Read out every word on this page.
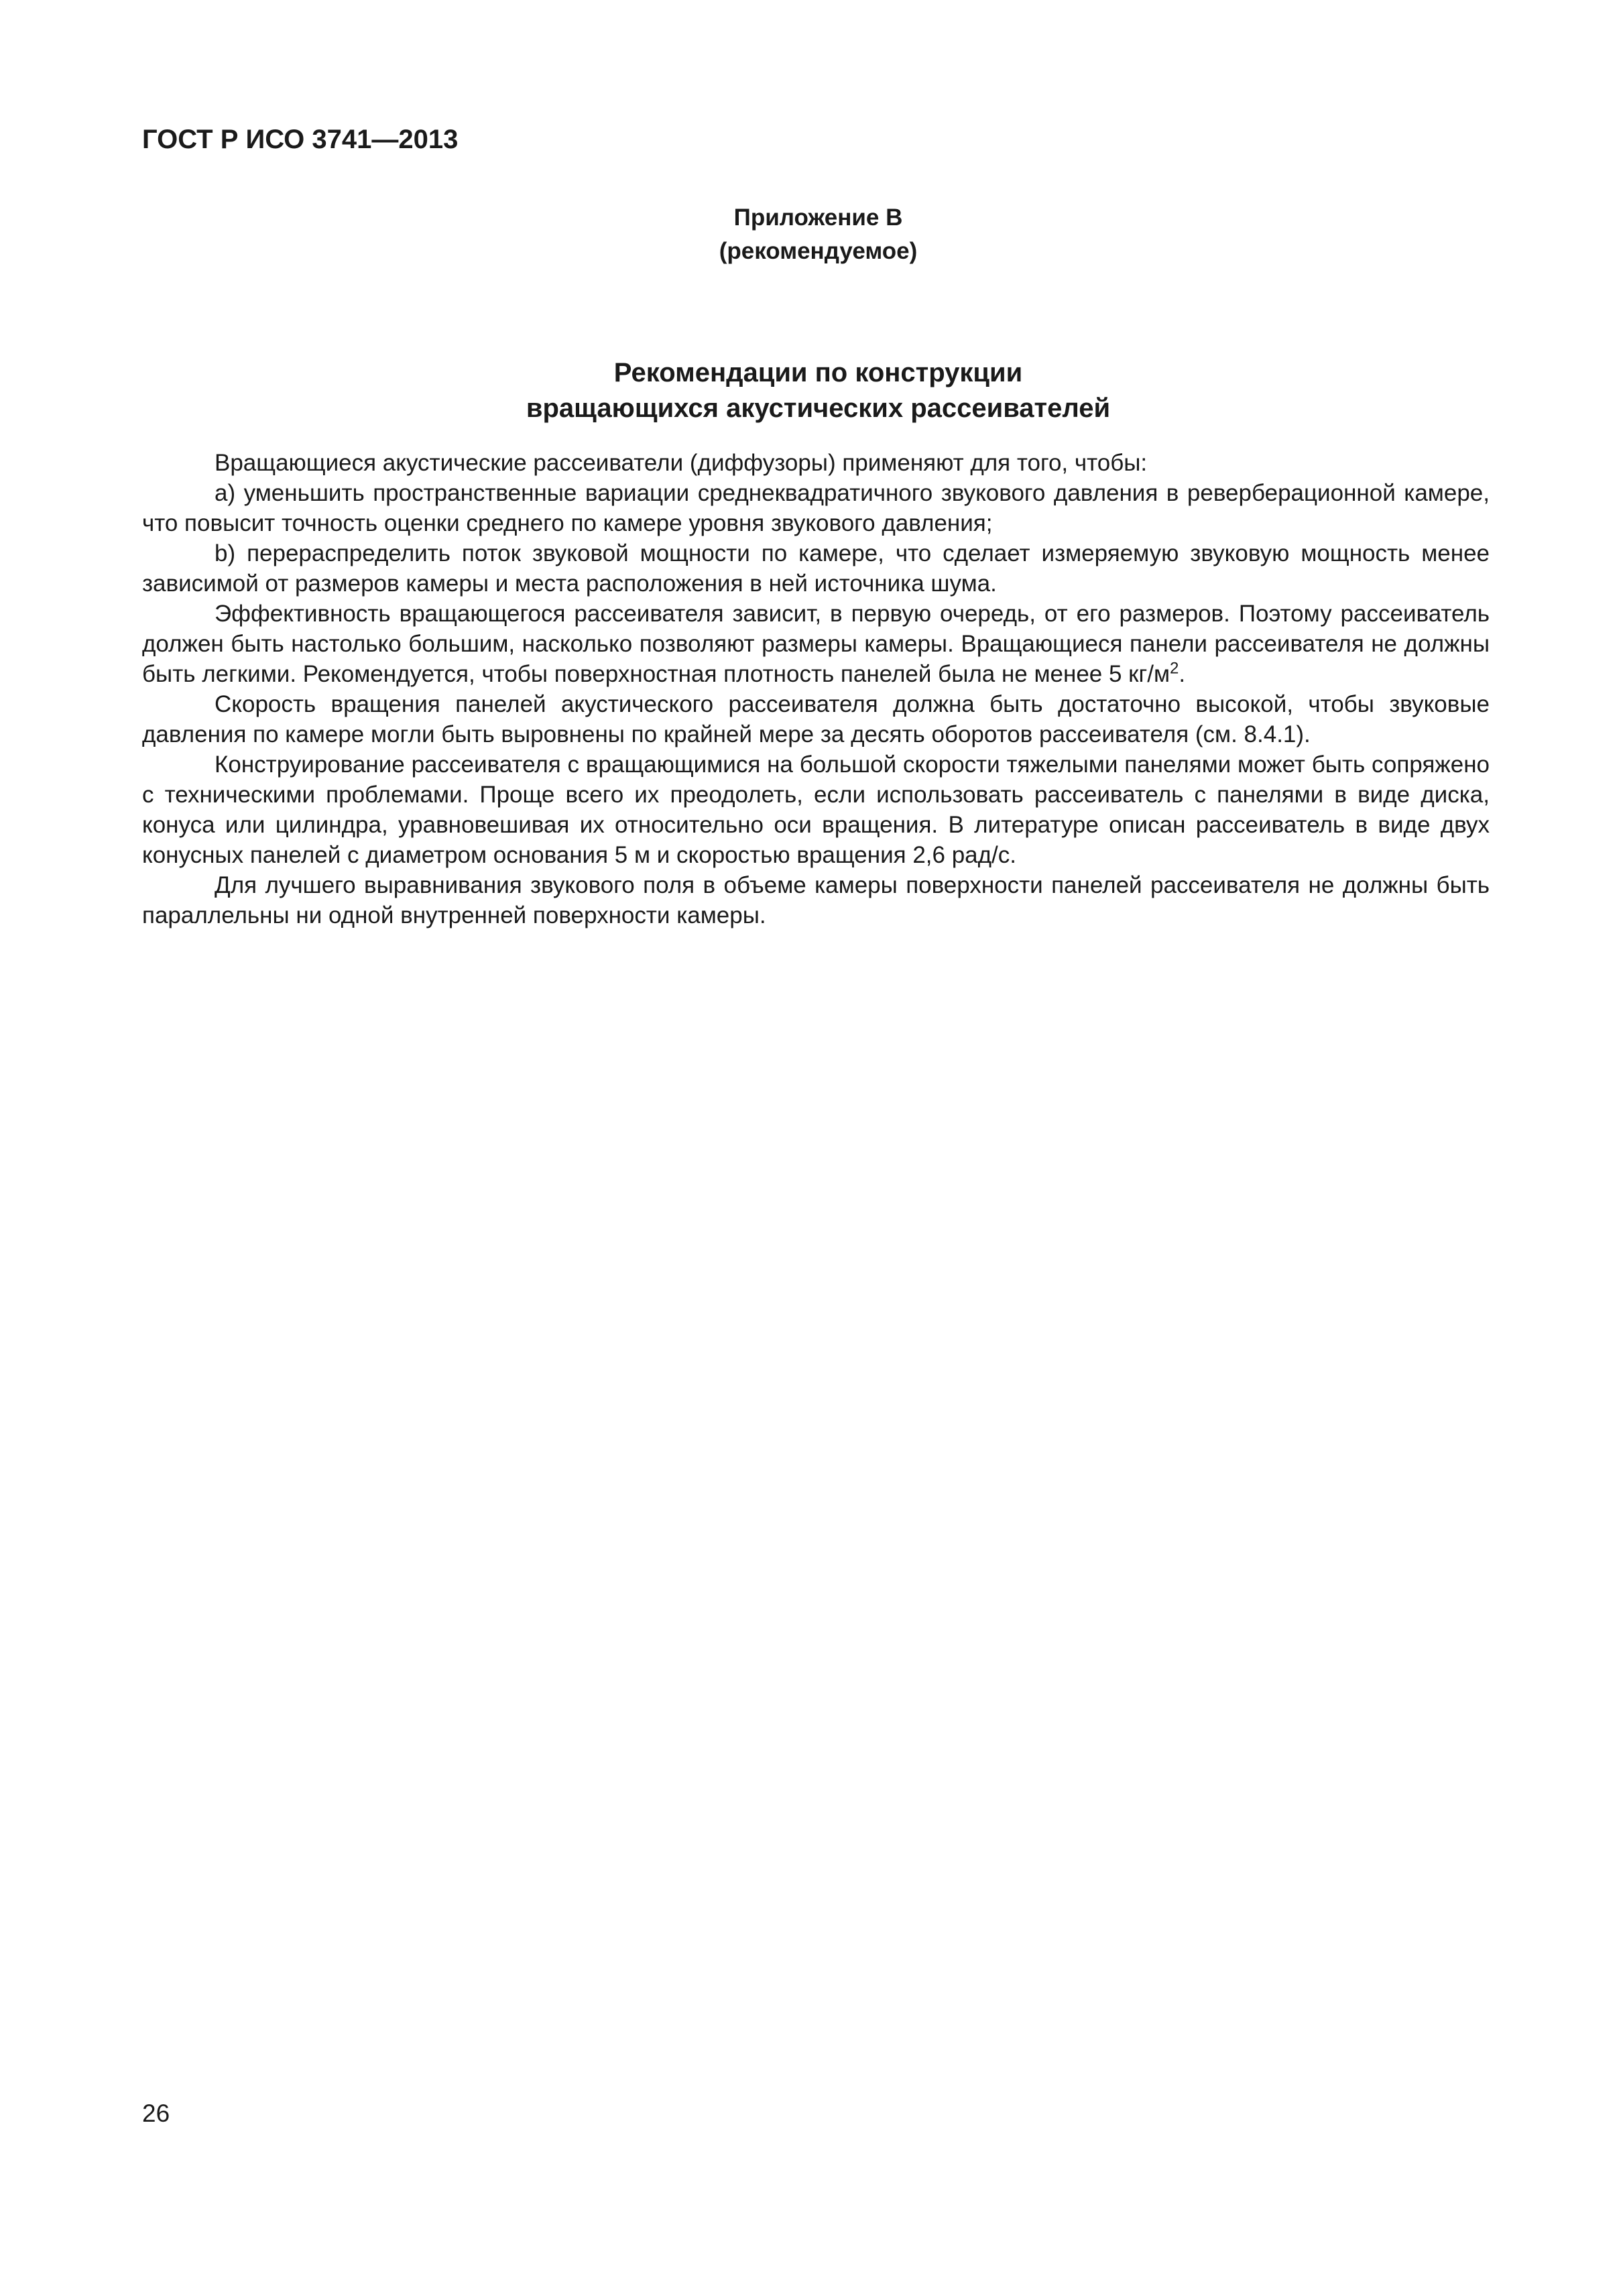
ГОСТ Р ИСО 3741—2013
Приложение В
(рекомендуемое)
Рекомендации по конструкции
вращающихся акустических рассеивателей

Вращающиеся акустические рассеиватели (диффузоры) применяют для того, чтобы:

а) уменьшить пространственные вариации среднеквадратичного звукового давления в реверберационной камере, что повысит точность оценки среднего по камере уровня звукового давления;

b) перераспределить поток звуковой мощности по камере, что сделает измеряемую звуковую мощность менее зависимой от размеров камеры и места расположения в ней источника шума.

Эффективность вращающегося рассеивателя зависит, в первую очередь, от его размеров. Поэтому рассеиватель должен быть настолько большим, насколько позволяют размеры камеры. Вращающиеся панели рассеивателя не должны быть легкими. Рекомендуется, чтобы поверхностная плотность панелей была не менее 5 $кг/м^2$.

Скорость вращения панелей акустического рассеивателя должна быть достаточно высокой, чтобы звуковые давления по камере могли быть выровнены по крайней мере за десять оборотов рассеивателя (см. 8.4.1).

Конструирование рассеивателя с вращающимися на большой скорости тяжелыми панелями может быть сопряжено с техническими проблемами. Проще всего их преодолеть, если использовать рассеиватель с панелями в виде диска, конуса или цилиндра, уравновешивая их относительно оси вращения. В литературе описан рассеиватель в виде двух конусных панелей с диаметром основания 5 м и скоростью вращения 2,6 рад/с.

Для лучшего выравнивания звукового поля в объеме камеры поверхности панелей рассеивателя не должны быть параллельны ни одной внутренней поверхности камеры.

26
